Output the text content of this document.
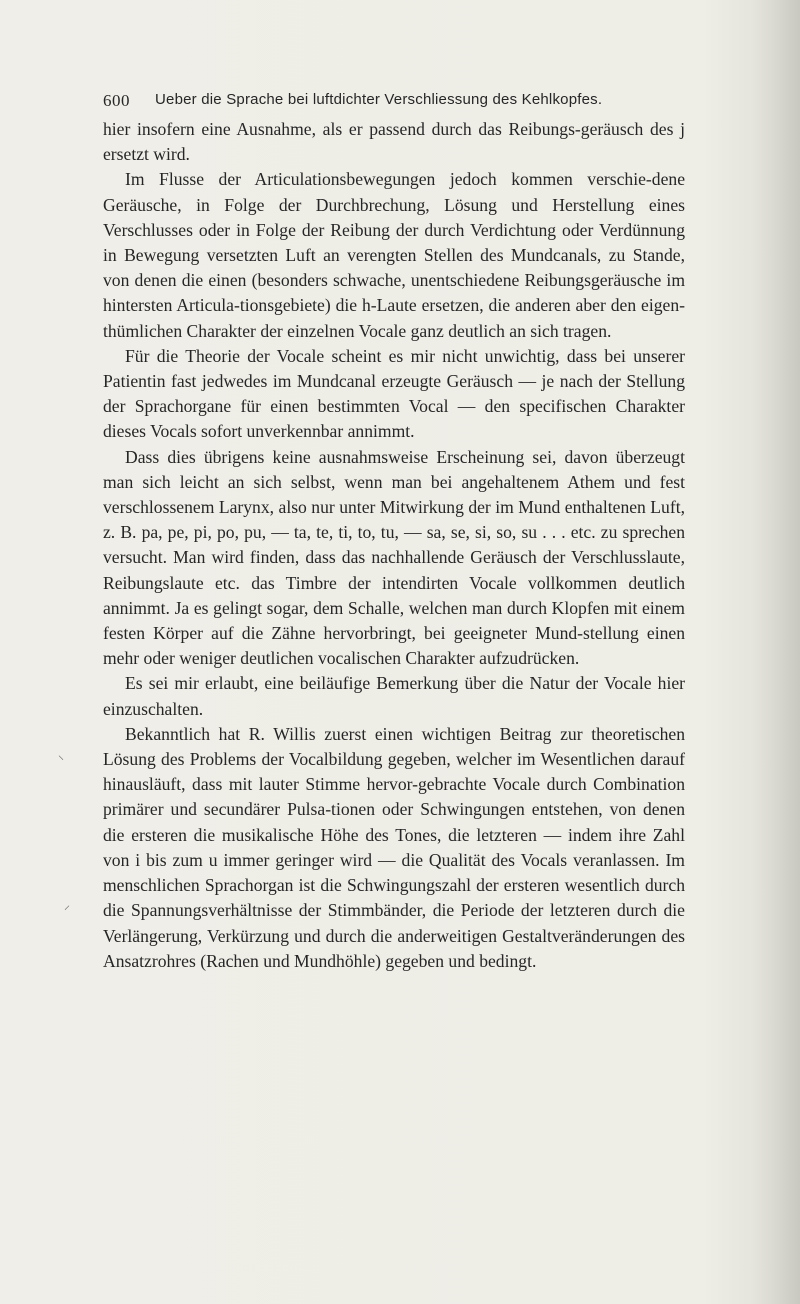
600 Ueber die Sprache bei luftdichter Verschliessung des Kehlkopfes.

hier insofern eine Ausnahme, als er passend durch das Reibungs-geräusch des j ersetzt wird.

Im Flusse der Articulationsbewegungen jedoch kommen verschie-dene Geräusche, in Folge der Durchbrechung, Lösung und Herstellung eines Verschlusses oder in Folge der Reibung der durch Verdichtung oder Verdünnung in Bewegung versetzten Luft an verengten Stellen des Mundcanals, zu Stande, von denen die einen (besonders schwache, unentschiedene Reibungsgeräusche im hintersten Articula-tionsgebiete) die h-Laute ersetzen, die anderen aber den eigen-thümlichen Charakter der einzelnen Vocale ganz deutlich an sich tragen.

Für die Theorie der Vocale scheint es mir nicht unwichtig, dass bei unserer Patientin fast jedwedes im Mundcanal erzeugte Geräusch — je nach der Stellung der Sprachorgane für einen bestimmten Vocal — den specifischen Charakter dieses Vocals sofort unverkennbar annimmt.

Dass dies übrigens keine ausnahmsweise Erscheinung sei, davon überzeugt man sich leicht an sich selbst, wenn man bei angehaltenem Athem und fest verschlossenem Larynx, also nur unter Mitwirkung der im Mund enthaltenen Luft, z. B. pa, pe, pi, po, pu, — ta, te, ti, to, tu, — sa, se, si, so, su . . . etc. zu sprechen versucht. Man wird finden, dass das nachhallende Geräusch der Verschlusslaute, Reibungslaute etc. das Timbre der intendirten Vocale vollkommen deutlich annimmt. Ja es gelingt sogar, dem Schalle, welchen man durch Klopfen mit einem festen Körper auf die Zähne hervorbringt, bei geeigneter Mund-stellung einen mehr oder weniger deutlichen vocalischen Charakter aufzudrücken.

Es sei mir erlaubt, eine beiläufige Bemerkung über die Natur der Vocale hier einzuschalten.

Bekanntlich hat R. Willis zuerst einen wichtigen Beitrag zur theoretischen Lösung des Problems der Vocalbildung gegeben, welcher im Wesentlichen darauf hinausläuft, dass mit lauter Stimme hervor-gebrachte Vocale durch Combination primärer und secundärer Pulsa-tionen oder Schwingungen entstehen, von denen die ersteren die musikalische Höhe des Tones, die letzteren — indem ihre Zahl von i bis zum u immer geringer wird — die Qualität des Vocals veranlassen. Im menschlichen Sprachorgan ist die Schwingungszahl der ersteren wesentlich durch die Spannungsverhältnisse der Stimmbänder, die Periode der letzteren durch die Verlängerung, Verkürzung und durch die anderweitigen Gestaltveränderungen des Ansatzrohres (Rachen und Mundhöhle) gegeben und bedingt.

⸜
⸝
